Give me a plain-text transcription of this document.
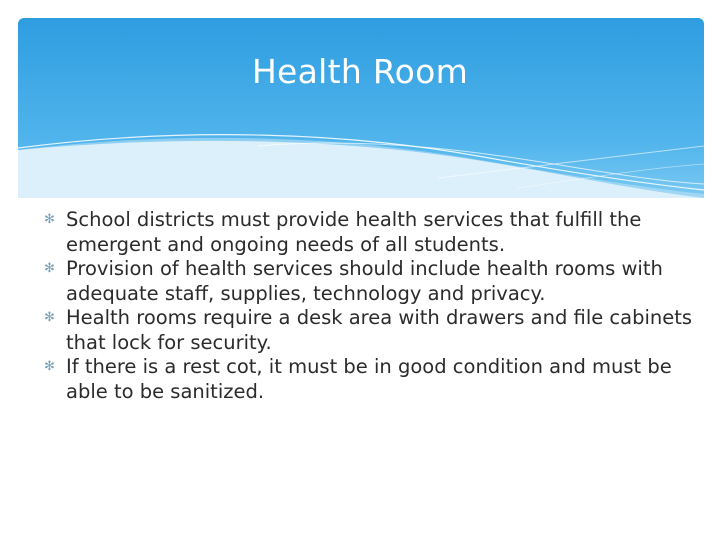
Health Room
✻ School districts must provide health services that fulfill the emergent and ongoing needs of all students.
✻ Provision of health services should include health rooms with adequate staff, supplies, technology and privacy.
✻ Health rooms require a desk area with drawers and file cabinets that lock for security.
✻ If there is a rest cot, it must be in good condition and must be able to be sanitized.
